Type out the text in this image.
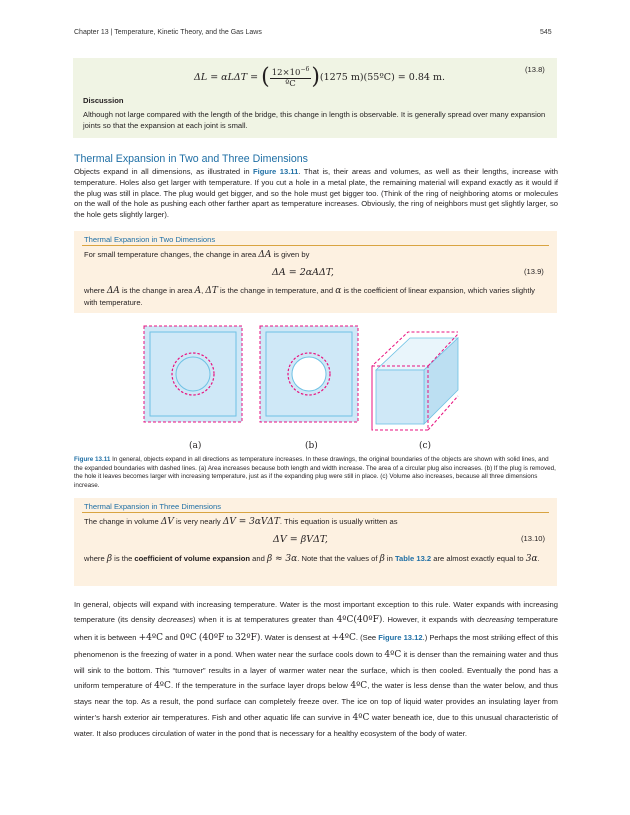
Chapter 13 | Temperature, Kinetic Theory, and the Gas Laws	545
ΔL = αLΔT = ( $\frac{12\times 10^{-6}}{\text{ºC}} )(1275$ m)(55ºC) = 0.84 m.
(13.8)
Discussion
Although not large compared with the length of the bridge, this change in length is observable. It is generally spread over many expansion joints so that the expansion at each joint is small.
Thermal Expansion in Two and Three Dimensions

Objects expand in all dimensions, as illustrated in Figure 13.11. That is, their areas and volumes, as well as their lengths, increase with temperature. Holes also get larger with temperature. If you cut a hole in a metal plate, the remaining material will expand exactly as it would if the plug was still in place. The plug would get bigger, and so the hole must get bigger too. (Think of the ring of neighboring atoms or molecules on the wall of the hole as pushing each other farther apart as temperature increases. Obviously, the ring of neighbors must get slightly larger, so the hole gets slightly larger).

Thermal Expansion in Two Dimensions
For small temperature changes, the change in area ΔA is given by
ΔA = 2αAΔT,	(13.9)
where ΔA is the change in area A, ΔT is the change in temperature, and α is the coefficient of linear expansion, which varies slightly with temperature.
(a)	(b)	(c)
Figure 13.11 In general, objects expand in all directions as temperature increases. In these drawings, the original boundaries of the objects are shown with solid lines, and the expanded boundaries with dashed lines. (a) Area increases because both length and width increase. The area of a circular plug also increases. (b) If the plug is removed, the hole it leaves becomes larger with increasing temperature, just as if the expanding plug were still in place. (c) Volume also increases, because all three dimensions increase.
Thermal Expansion in Three Dimensions
The change in volume ΔV is very nearly ΔV = 3αVΔT. This equation is usually written as
ΔV = βVΔT,	(13.10)
where β is the coefficient of volume expansion and β ≈ 3α. Note that the values of β in Table 13.2 are almost exactly equal to 3α.

In general, objects will expand with increasing temperature. Water is the most important exception to this rule. Water expands with increasing temperature (its density decreases) when it is at temperatures greater than 4ºC(40ºF). However, it expands with decreasing temperature when it is between +4ºC and 0ºC (40ºF to 32ºF). Water is densest at +4ºC. (See Figure 13.12.) Perhaps the most striking effect of this phenomenon is the freezing of water in a pond. When water near the surface cools down to 4ºC it is denser than the remaining water and thus will sink to the bottom. This “turnover” results in a layer of warmer water near the surface, which is then cooled. Eventually the pond has a uniform temperature of 4ºC. If the temperature in the surface layer drops below 4ºC, the water is less dense than the water below, and thus stays near the top. As a result, the pond surface can completely freeze over. The ice on top of liquid water provides an insulating layer from winter’s harsh exterior air temperatures. Fish and other aquatic life can survive in 4ºC water beneath ice, due to this unusual characteristic of water. It also produces circulation of water in the pond that is necessary for a healthy ecosystem of the body of water.
